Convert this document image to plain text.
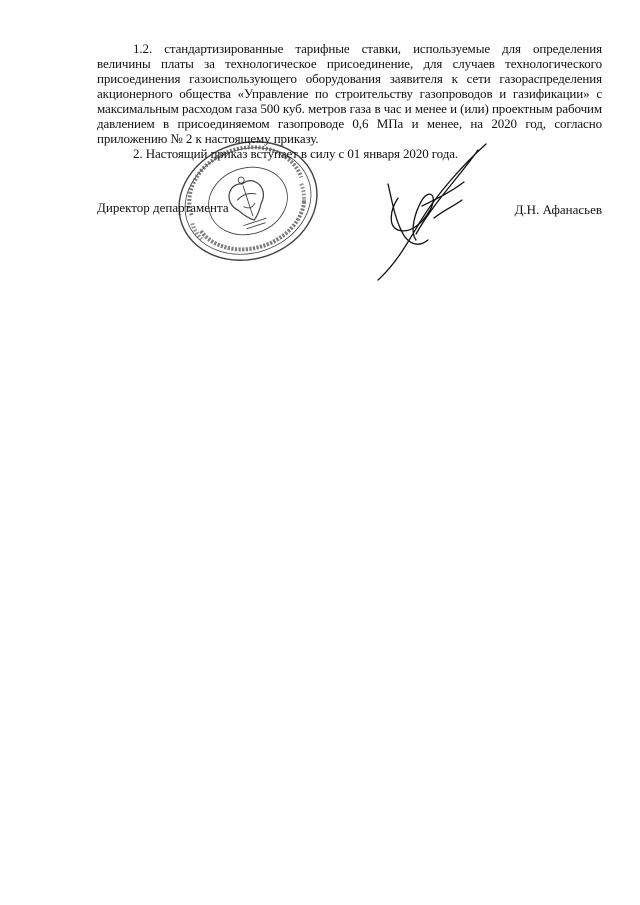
1.2. стандартизированные тарифные ставки, используемые для определения величины платы за технологическое присоединение, для случаев технологического присоединения газоиспользующего оборудования заявителя к сети газораспределения акционерного общества «Управление по строительству газопроводов и газификации» с максимальным расходом газа 500 куб. метров газа в час и менее и (или) проектным рабочим давлением в присоединяемом газопроводе 0,6 МПа и менее, на 2020 год, согласно приложению № 2 к настоящему приказу.

2. Настоящий приказ вступает в силу с 01 января 2020 года.

Директор департамента	Д.Н. Афанасьев
